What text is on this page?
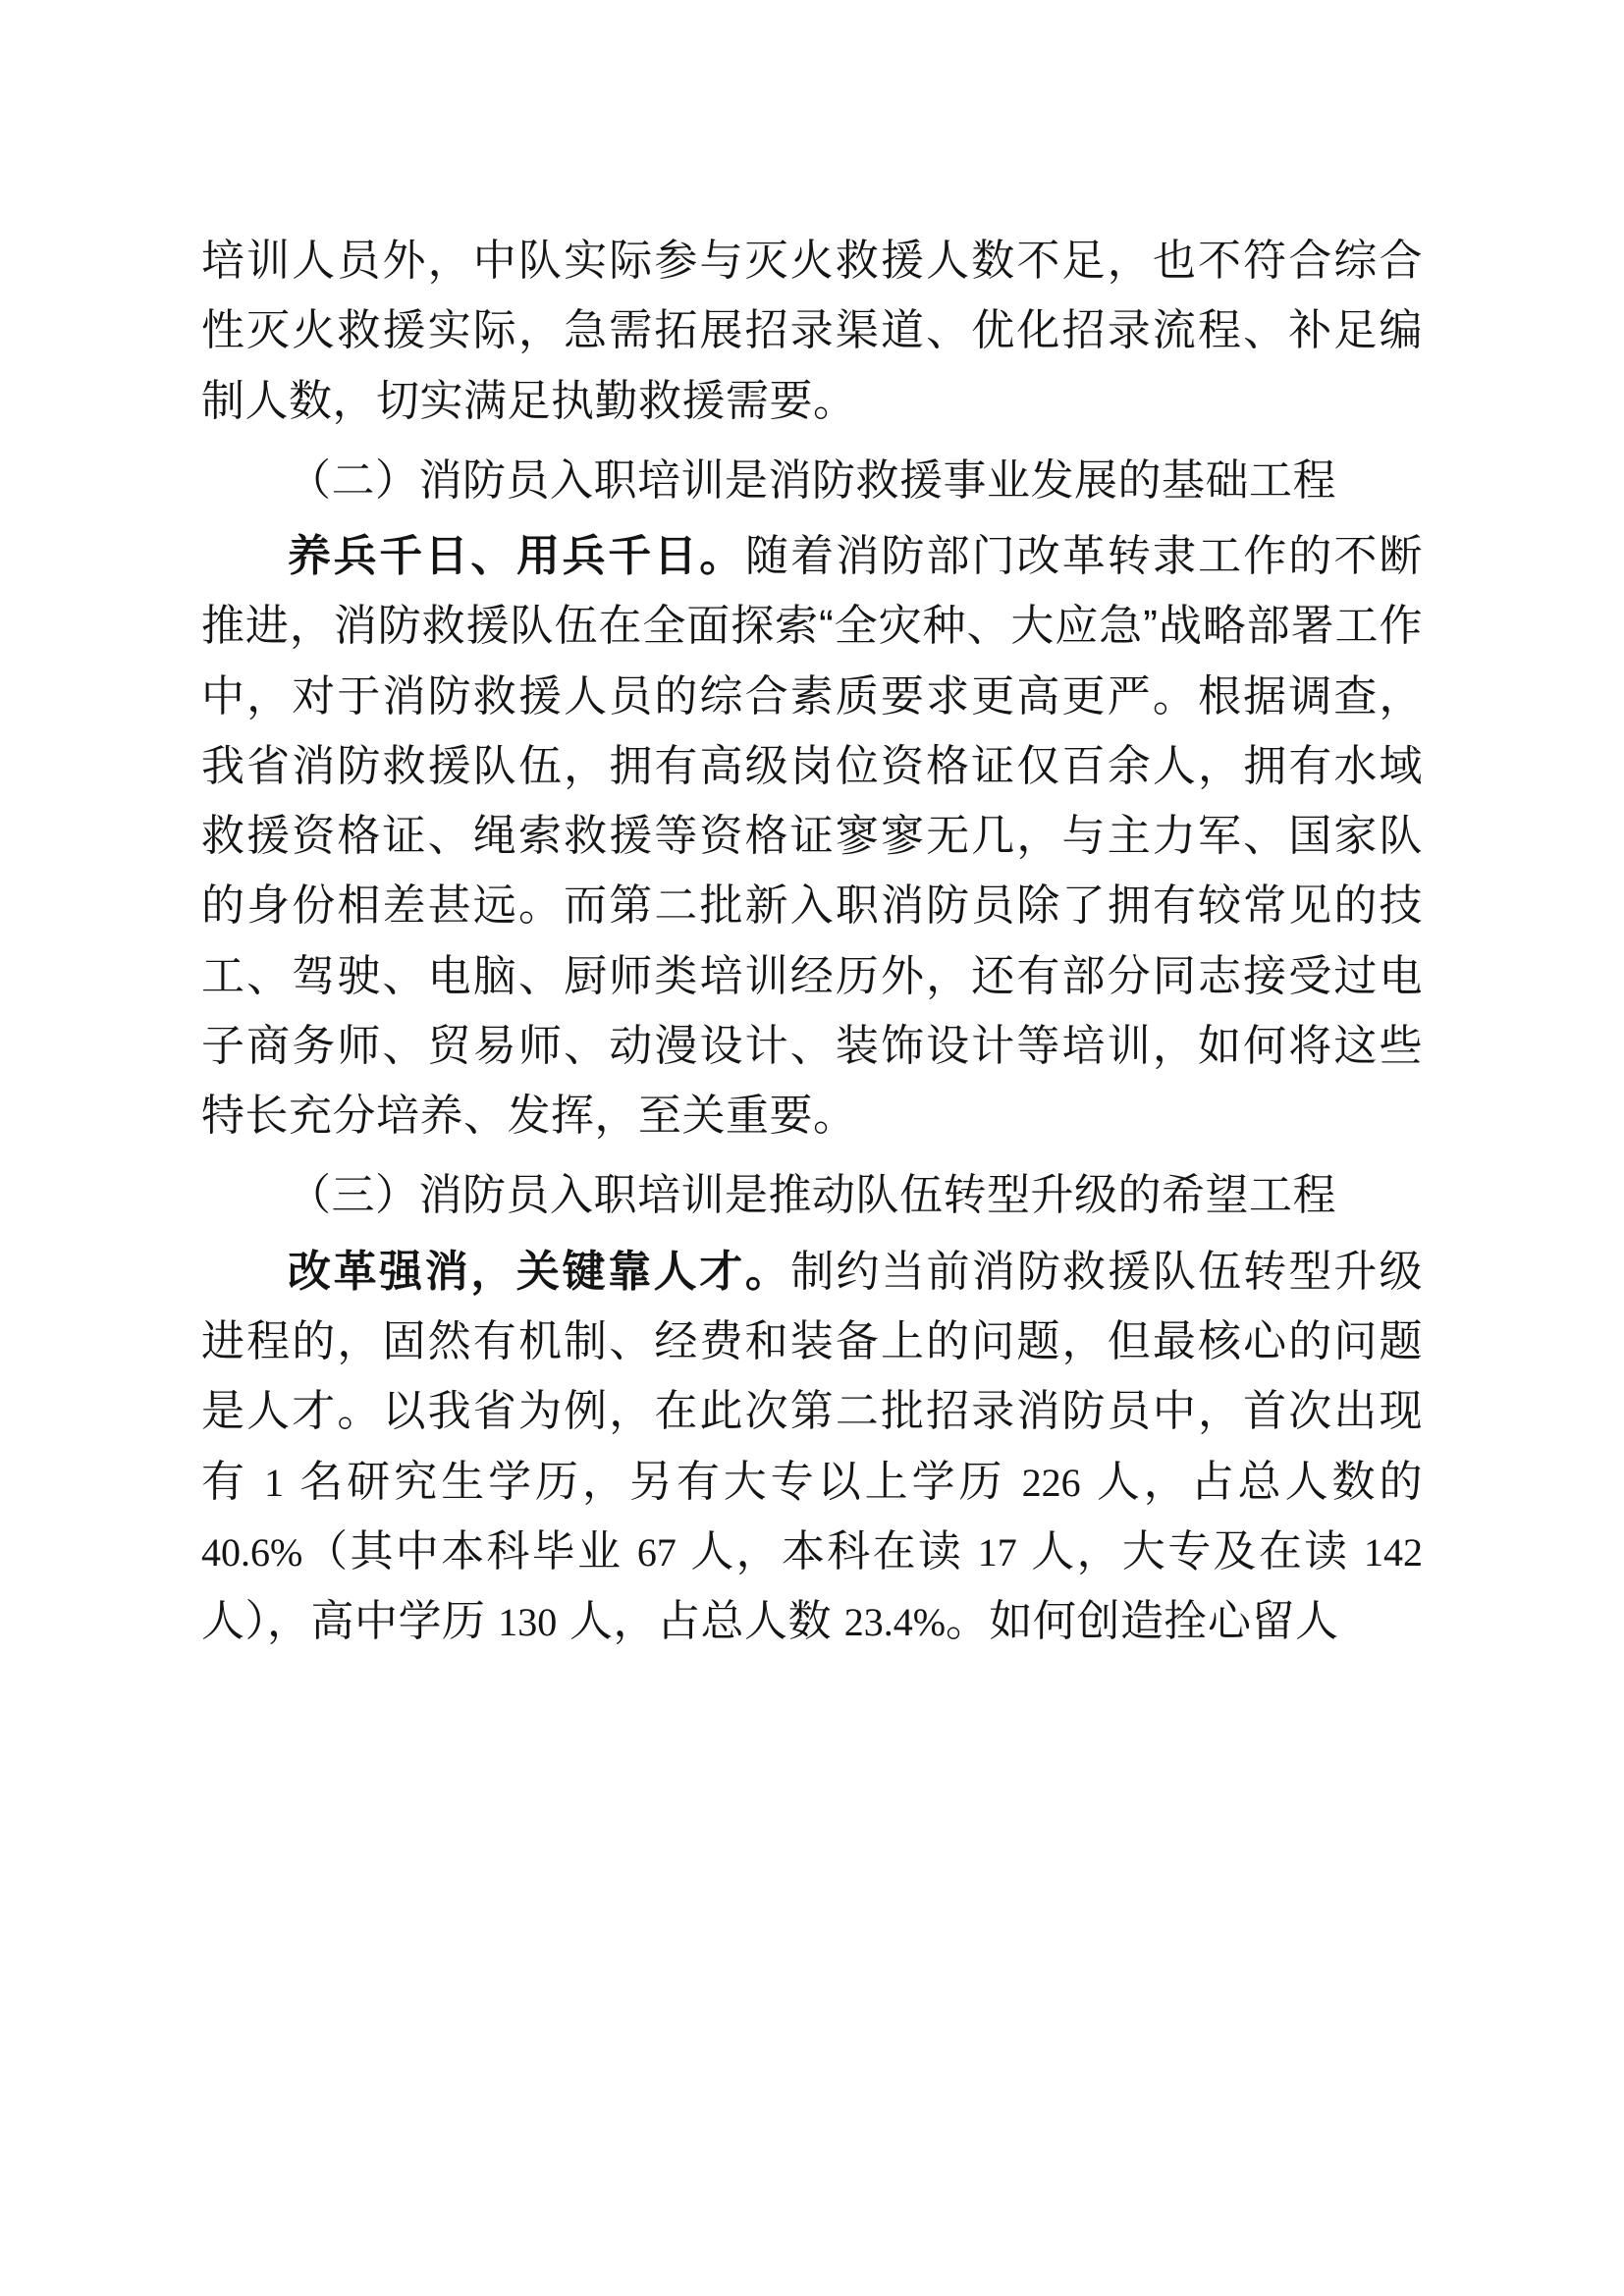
培训人员外，中队实际参与灭火救援人数不足，也不符合综合性灭火救援实际，急需拓展招录渠道、优化招录流程、补足编制人数，切实满足执勤救援需要。

（二）消防员入职培训是消防救援事业发展的基础工程

养兵千日、用兵千日。随着消防部门改革转隶工作的不断推进，消防救援队伍在全面探索“全灾种、大应急”战略部署工作中，对于消防救援人员的综合素质要求更高更严。根据调查，我省消防救援队伍，拥有高级岗位资格证仅百余人，拥有水域救援资格证、绳索救援等资格证寥寥无几，与主力军、国家队的身份相差甚远。而第二批新入职消防员除了拥有较常见的技工、驾驶、电脑、厨师类培训经历外，还有部分同志接受过电子商务师、贸易师、动漫设计、装饰设计等培训，如何将这些特长充分培养、发挥，至关重要。

（三）消防员入职培训是推动队伍转型升级的希望工程

改革强消，关键靠人才。制约当前消防救援队伍转型升级进程的，固然有机制、经费和装备上的问题，但最核心的问题是人才。以我省为例，在此次第二批招录消防员中，首次出现有 1 名研究生学历，另有大专以上学历 226 人，占总人数的 40.6%（其中本科毕业 67 人，本科在读 17 人，大专及在读 142 人），高中学历 130 人，占总人数 23.4%。如何创造拴心留人
